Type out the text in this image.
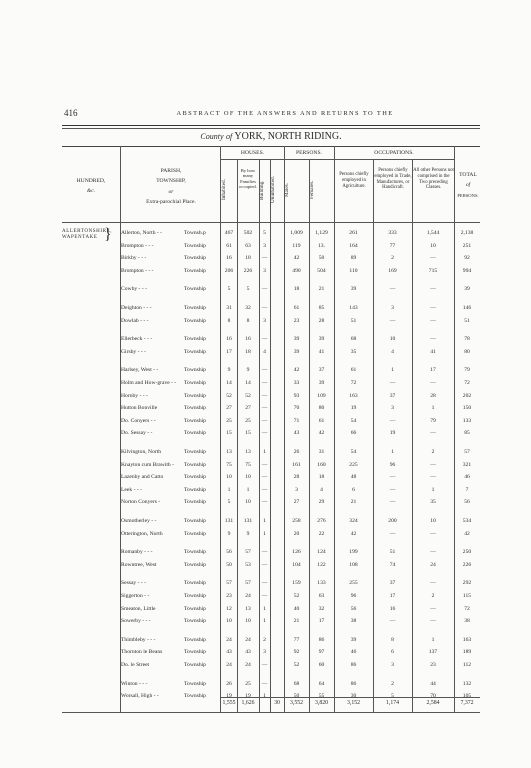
416	ABSTRACT OF THE ANSWERS AND RETURNS TO THE
County of YORK, NORTH RIDING.
HUNDRED,
&c.
PARISH,
TOWNSHIP,
or
Extra-parochial Place.
HOUSES.	PERSONS.	OCCUPATIONS.
TOTAL
of
PERSONS.
Inhabited.
By how many Families occupied. Building. Uninhabited.	Males.	Females.
Persons chiefly employed in Agriculture.
Persons chiefly employed in Trade, Manufactures, or Handicraft.
All other Persons not comprised in the Two preceding Classes.
ALLERTONSHIRE, WAPENTAKE } Allerton, North - -	Townsh.p	467	502	5	1,009	1,129	261	333	1,544	2,138
Brompton - - -	Township	61	63	3	119	13.	164	77	10	251
Birkby - - -	Township	16	18	—	42	50	89	2	—	92
Brompton - - -	Township	206	226	3	490	504	110	169	715	994
Cowby - - -	Township	5	5	—	18	21	39	—	—	39
Deighton - - -	Township	31	32	—	61	85	143	3	—	146
Dowlab - - -	Township	8	8	3	23	28	51	—	—	51
Ellerbeck - - -	Township	16	16	—	39	39	68	10	—	78
Girsby - - -	Township	17	18	4	39	41	35	4	41	80
Harlsey, West - -	Township	9	9	—	42	37	61	1	17	79
Holm and How-grave - -	Township	14	14	—	33	39	72	—	—	72
Hornby - - -	Township	52	52	—	93	109	163	37	28	202
Hutton Bonville	Township	27	27	—	70	80	19	3	1	150
Do. Conyers - -	Township	25	25	—	71	61	54	—	79	133
Do. Sessay - -	Township	15	15	—	43	42	66	19	—	85
Kilvington, North	Township	13	13	1	26	31	54	1	2	57
Knayton cum Brawith -	Township	75	75	—	161	160	225	96	—	321
Lazenby and Catto	Township	10	10	—	28	18	48	—	—	46
Leek - - -	Township	1	1	—	3	4	6	—	1	7
Norton Conyers -	Township	5	10	—	27	29	21	—	35	56
Osmotherley - -	Township	131	131	1	258	276	324	200	10	534
Otterington, North	Township	9	9	1	20	22	42	—	—	42
Romanby - - -	Township	56	57	—	126	124	199	51	—	250
Rowntree, West	Township	50	53	—	104	122	108	74	24	226
Sessay - - -	Township	57	57	—	159	133	255	37	—	292
Siggerton - -	Township	23	24	—	52	63	96	17	2	115
Smeaton, Little	Township	12	13	1	40	32	56	16	—	72
Sowerby - - -	Township	10	10	1	21	17	38	—	—	38
Thimbleby - - -	Township	24	24	2	77	86	39	8	1	163
Thornton le Beans	Township	43	43	3	92	97	46	6	137	189
Do. le Street	Township	24	24	—	52	60	86	3	23	112
Winton - - -	Township	26	25	—	68	64	86	2	44	132
Worsall, High - -	Township	19	19	1	50	55	30	5	70	105
1,555	1,626	30	3,552	3,820	3,152	1,174	2,584	7,372
